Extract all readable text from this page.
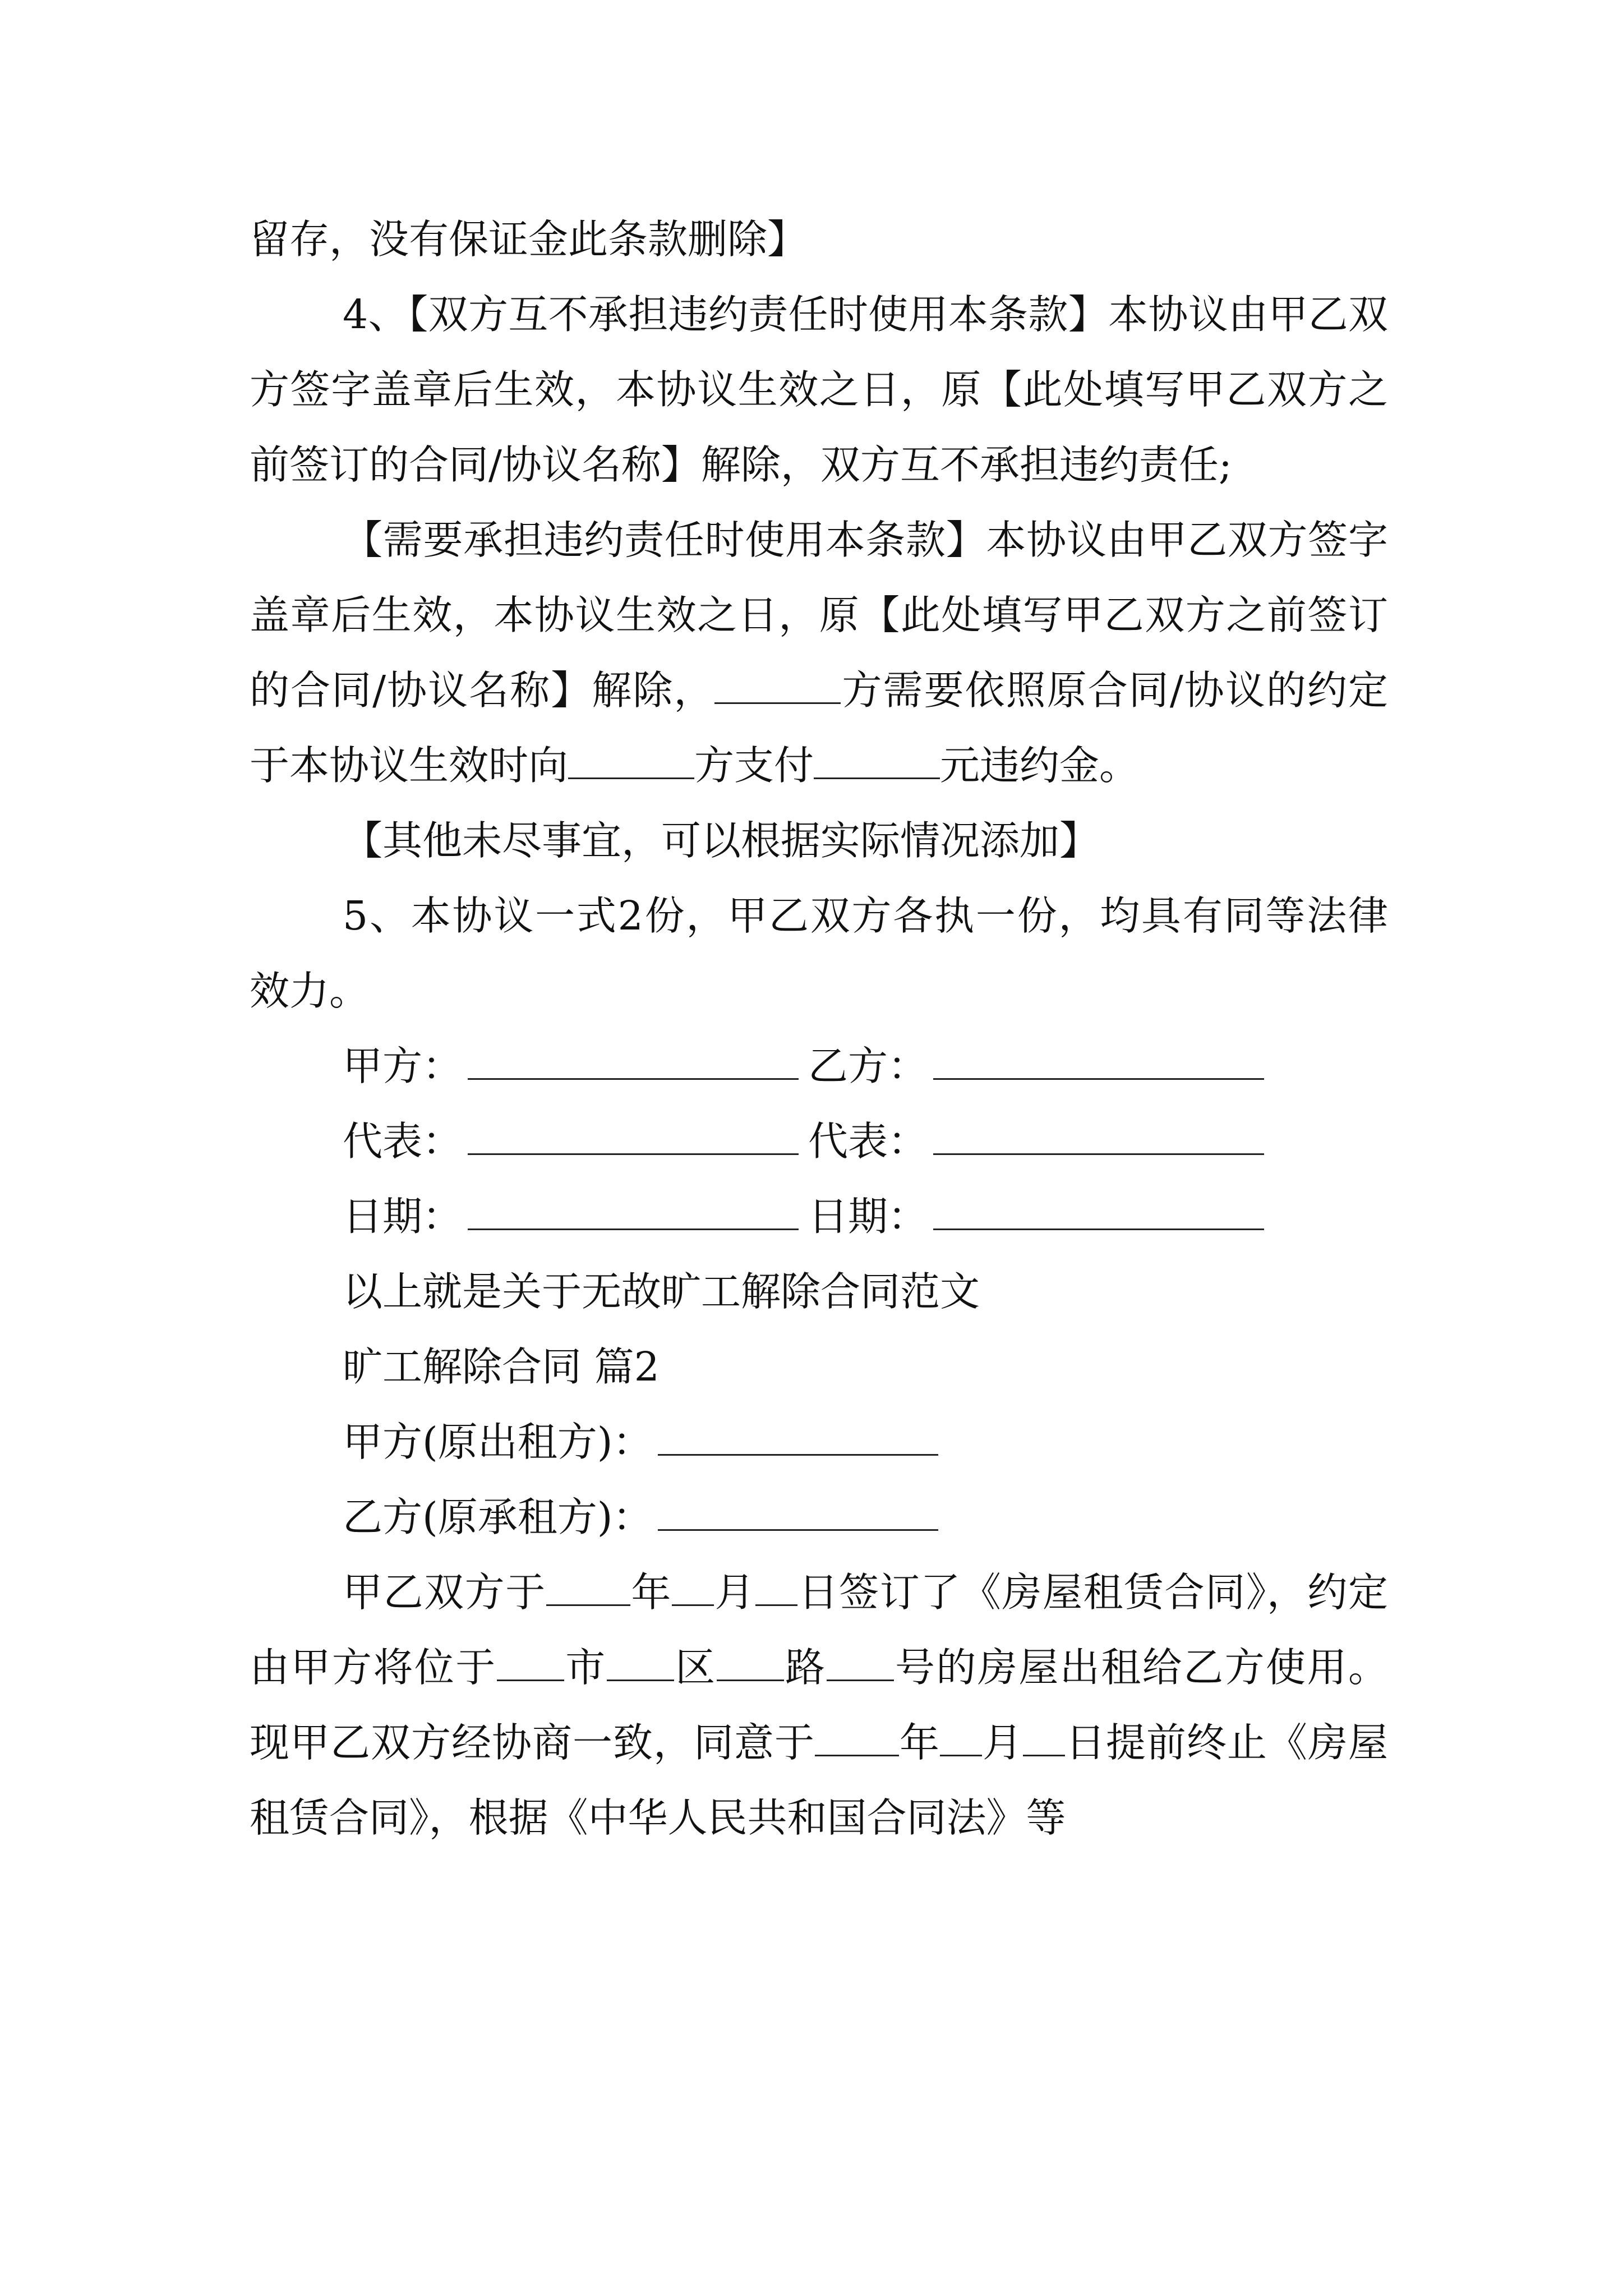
留存，没有保证金此条款删除】

4、【双方互不承担违约责任时使用本条款】本协议由甲乙双方签字盖章后生效，本协议生效之日，原【此处填写甲乙双方之前签订的合同/协议名称】解除，双方互不承担违约责任;

【需要承担违约责任时使用本条款】本协议由甲乙双方签字盖章后生效，本协议生效之日，原【此处填写甲乙双方之前签订的合同/协议名称】解除，	方需要依照原合同/协议的约定于本协议生效时向	方支付	元违约金。

【其他未尽事宜，可以根据实际情况添加】

5、本协议一式2份，甲乙双方各执一份，均具有同等法律效力。

甲方：	乙方：
代表：	代表：
日期：	日期：
以上就是关于无故旷工解除合同范文
旷工解除合同 篇2
甲方(原出租方)：
乙方(原承租方)：

甲乙双方于 年 月 日签订了《房屋租赁合同》，约定由甲方将位于 市 区 路 号的房屋出租给乙方使用。现甲乙双方经协商一致，同意于 年 月 日提前终止《房屋租赁合同》，根据《中华人民共和国合同法》等
